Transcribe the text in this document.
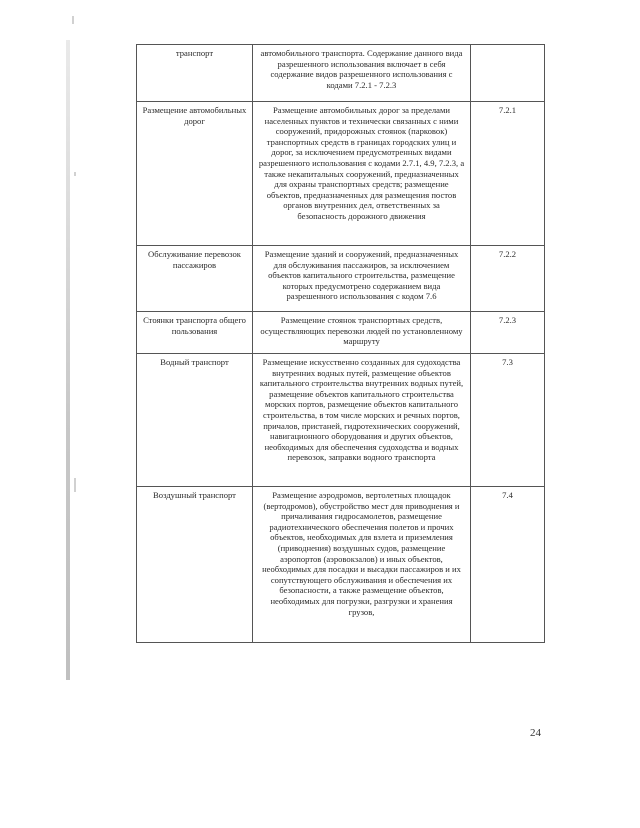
транспорт	автомобильного транспорта. Содержание данного вида разрешенного использования включает в себя содержание видов разрешенного использования с кодами 7.2.1 - 7.2.3	
Размещение автомобильных дорог	Размещение автомобильных дорог за пределами населенных пунктов и технически связанных с ними сооружений, придорожных стоянок (парковок) транспортных средств в границах городских улиц и дорог, за исключением предусмотренных видами разрешенного использования с кодами 2.7.1, 4.9, 7.2.3, а также некапитальных сооружений, предназначенных для охраны транспортных средств; размещение объектов, предназначенных для размещения постов органов внутренних дел, ответственных за безопасность дорожного движения	7.2.1
Обслуживание перевозок пассажиров	Размещение зданий и сооружений, предназначенных для обслуживания пассажиров, за исключением объектов капитального строительства, размещение которых предусмотрено содержанием вида разрешенного использования с кодом 7.6	7.2.2
Стоянки транспорта общего пользования	Размещение стоянок транспортных средств, осуществляющих перевозки людей по установленному маршруту	7.2.3
Водный транспорт	Размещение искусственно созданных для судоходства внутренних водных путей, размещение объектов капитального строительства внутренних водных путей, размещение объектов капитального строительства морских портов, размещение объектов капитального строительства, в том числе морских и речных портов, причалов, пристаней, гидротехнических сооружений, навигационного оборудования и других объектов, необходимых для обеспечения судоходства и водных перевозок, заправки водного транспорта	7.3
Воздушный транспорт	Размещение аэродромов, вертолетных площадок (вертодромов), обустройство мест для приводнения и причаливания гидросамолетов, размещение радиотехнического обеспечения полетов и прочих объектов, необходимых для взлета и приземления (приводнения) воздушных судов, размещение аэропортов (аэровокзалов) и иных объектов, необходимых для посадки и высадки пассажиров и их сопутствующего обслуживания и обеспечения их безопасности, а также размещение объектов, необходимых для погрузки, разгрузки и хранения грузов,	7.4
24
